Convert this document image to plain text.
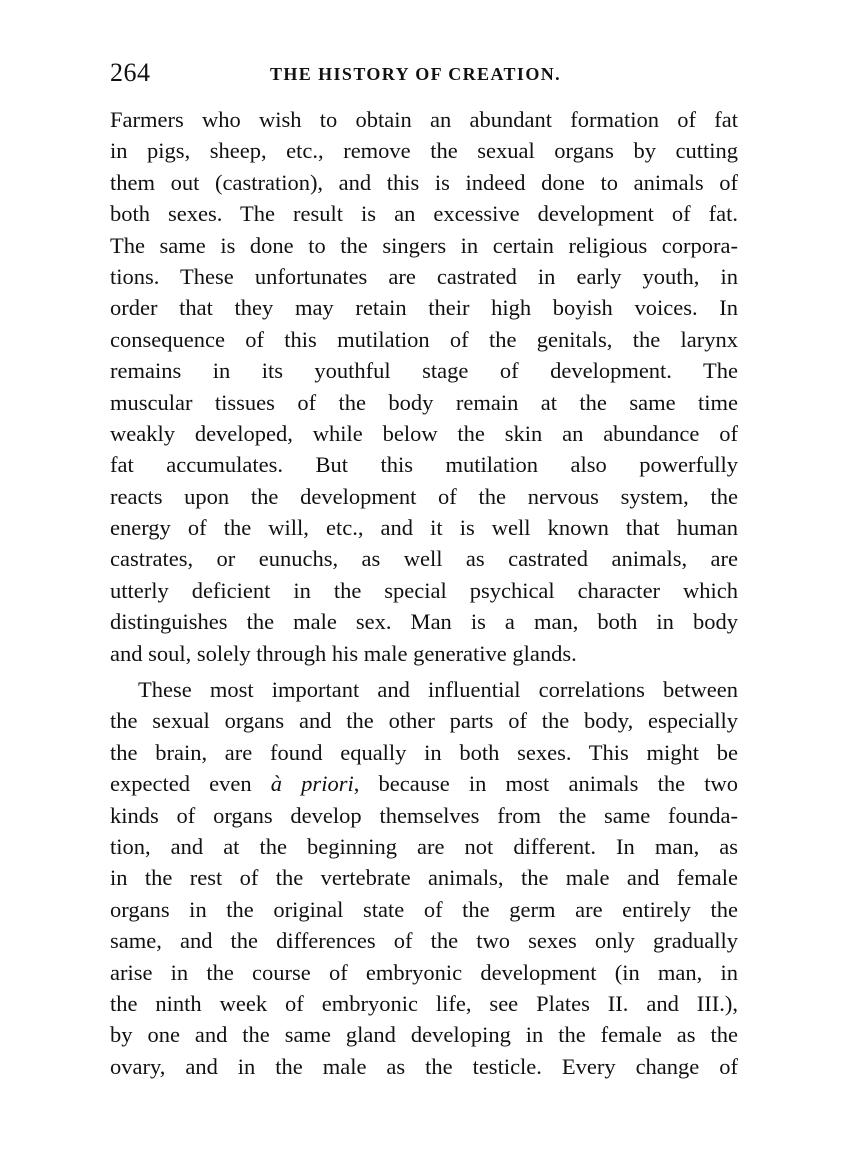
264	THE HISTORY OF CREATION.
Farmers who wish to obtain an abundant formation of fat
in pigs, sheep, etc., remove the sexual organs by cutting
them out (castration), and this is indeed done to animals of
both sexes. The result is an excessive development of fat.
The same is done to the singers in certain religious corpora-
tions. These unfortunates are castrated in early youth, in
order that they may retain their high boyish voices. In
consequence of this mutilation of the genitals, the larynx
remains in its youthful stage of development. The
muscular tissues of the body remain at the same time
weakly developed, while below the skin an abundance of
fat accumulates. But this mutilation also powerfully
reacts upon the development of the nervous system, the
energy of the will, etc., and it is well known that human
castrates, or eunuchs, as well as castrated animals, are
utterly deficient in the special psychical character which
distinguishes the male sex. Man is a man, both in body
and soul, solely through his male generative glands.
These most important and influential correlations between
the sexual organs and the other parts of the body, especially
the brain, are found equally in both sexes. This might be
expected even à priori, because in most animals the two
kinds of organs develop themselves from the same founda-
tion, and at the beginning are not different. In man, as
in the rest of the vertebrate animals, the male and female
organs in the original state of the germ are entirely the
same, and the differences of the two sexes only gradually
arise in the course of embryonic development (in man, in
the ninth week of embryonic life, see Plates II. and III.),
by one and the same gland developing in the female as the
ovary, and in the male as the testicle. Every change of
